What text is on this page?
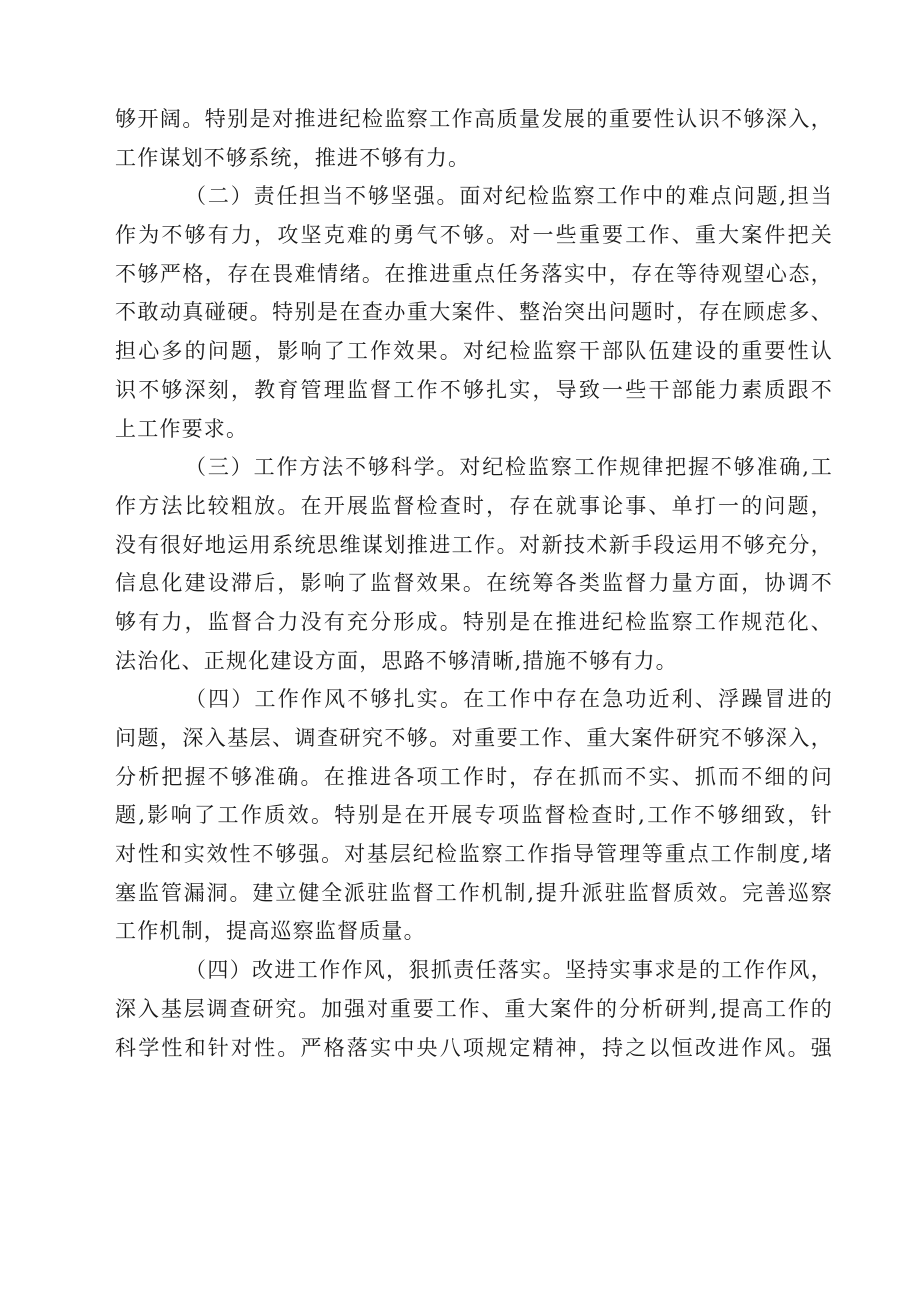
够开阔。特别是对推进纪检监察工作高质量发展的重要性认识不够深入，
工作谋划不够系统，推进不够有力。
（二）责任担当不够坚强。面对纪检监察工作中的难点问题,担当
作为不够有力，攻坚克难的勇气不够。对一些重要工作、重大案件把关
不够严格，存在畏难情绪。在推进重点任务落实中，存在等待观望心态，
不敢动真碰硬。特别是在查办重大案件、整治突出问题时，存在顾虑多、
担心多的问题，影响了工作效果。对纪检监察干部队伍建设的重要性认
识不够深刻，教育管理监督工作不够扎实，导致一些干部能力素质跟不
上工作要求。
（三）工作方法不够科学。对纪检监察工作规律把握不够准确,工
作方法比较粗放。在开展监督检查时，存在就事论事、单打一的问题，
没有很好地运用系统思维谋划推进工作。对新技术新手段运用不够充分，
信息化建设滞后，影响了监督效果。在统筹各类监督力量方面，协调不
够有力，监督合力没有充分形成。特别是在推进纪检监察工作规范化、
法治化、正规化建设方面，思路不够清晰,措施不够有力。
（四）工作作风不够扎实。在工作中存在急功近利、浮躁冒进的
问题，深入基层、调查研究不够。对重要工作、重大案件研究不够深入，
分析把握不够准确。在推进各项工作时，存在抓而不实、抓而不细的问
题,影响了工作质效。特别是在开展专项监督检查时,工作不够细致，针
对性和实效性不够强。对基层纪检监察工作指导管理等重点工作制度,堵
塞监管漏洞。建立健全派驻监督工作机制,提升派驻监督质效。完善巡察
工作机制，提高巡察监督质量。
（四）改进工作作风，狠抓责任落实。坚持实事求是的工作作风，
深入基层调查研究。加强对重要工作、重大案件的分析研判,提高工作的
科学性和针对性。严格落实中央八项规定精神，持之以恒改进作风。强
